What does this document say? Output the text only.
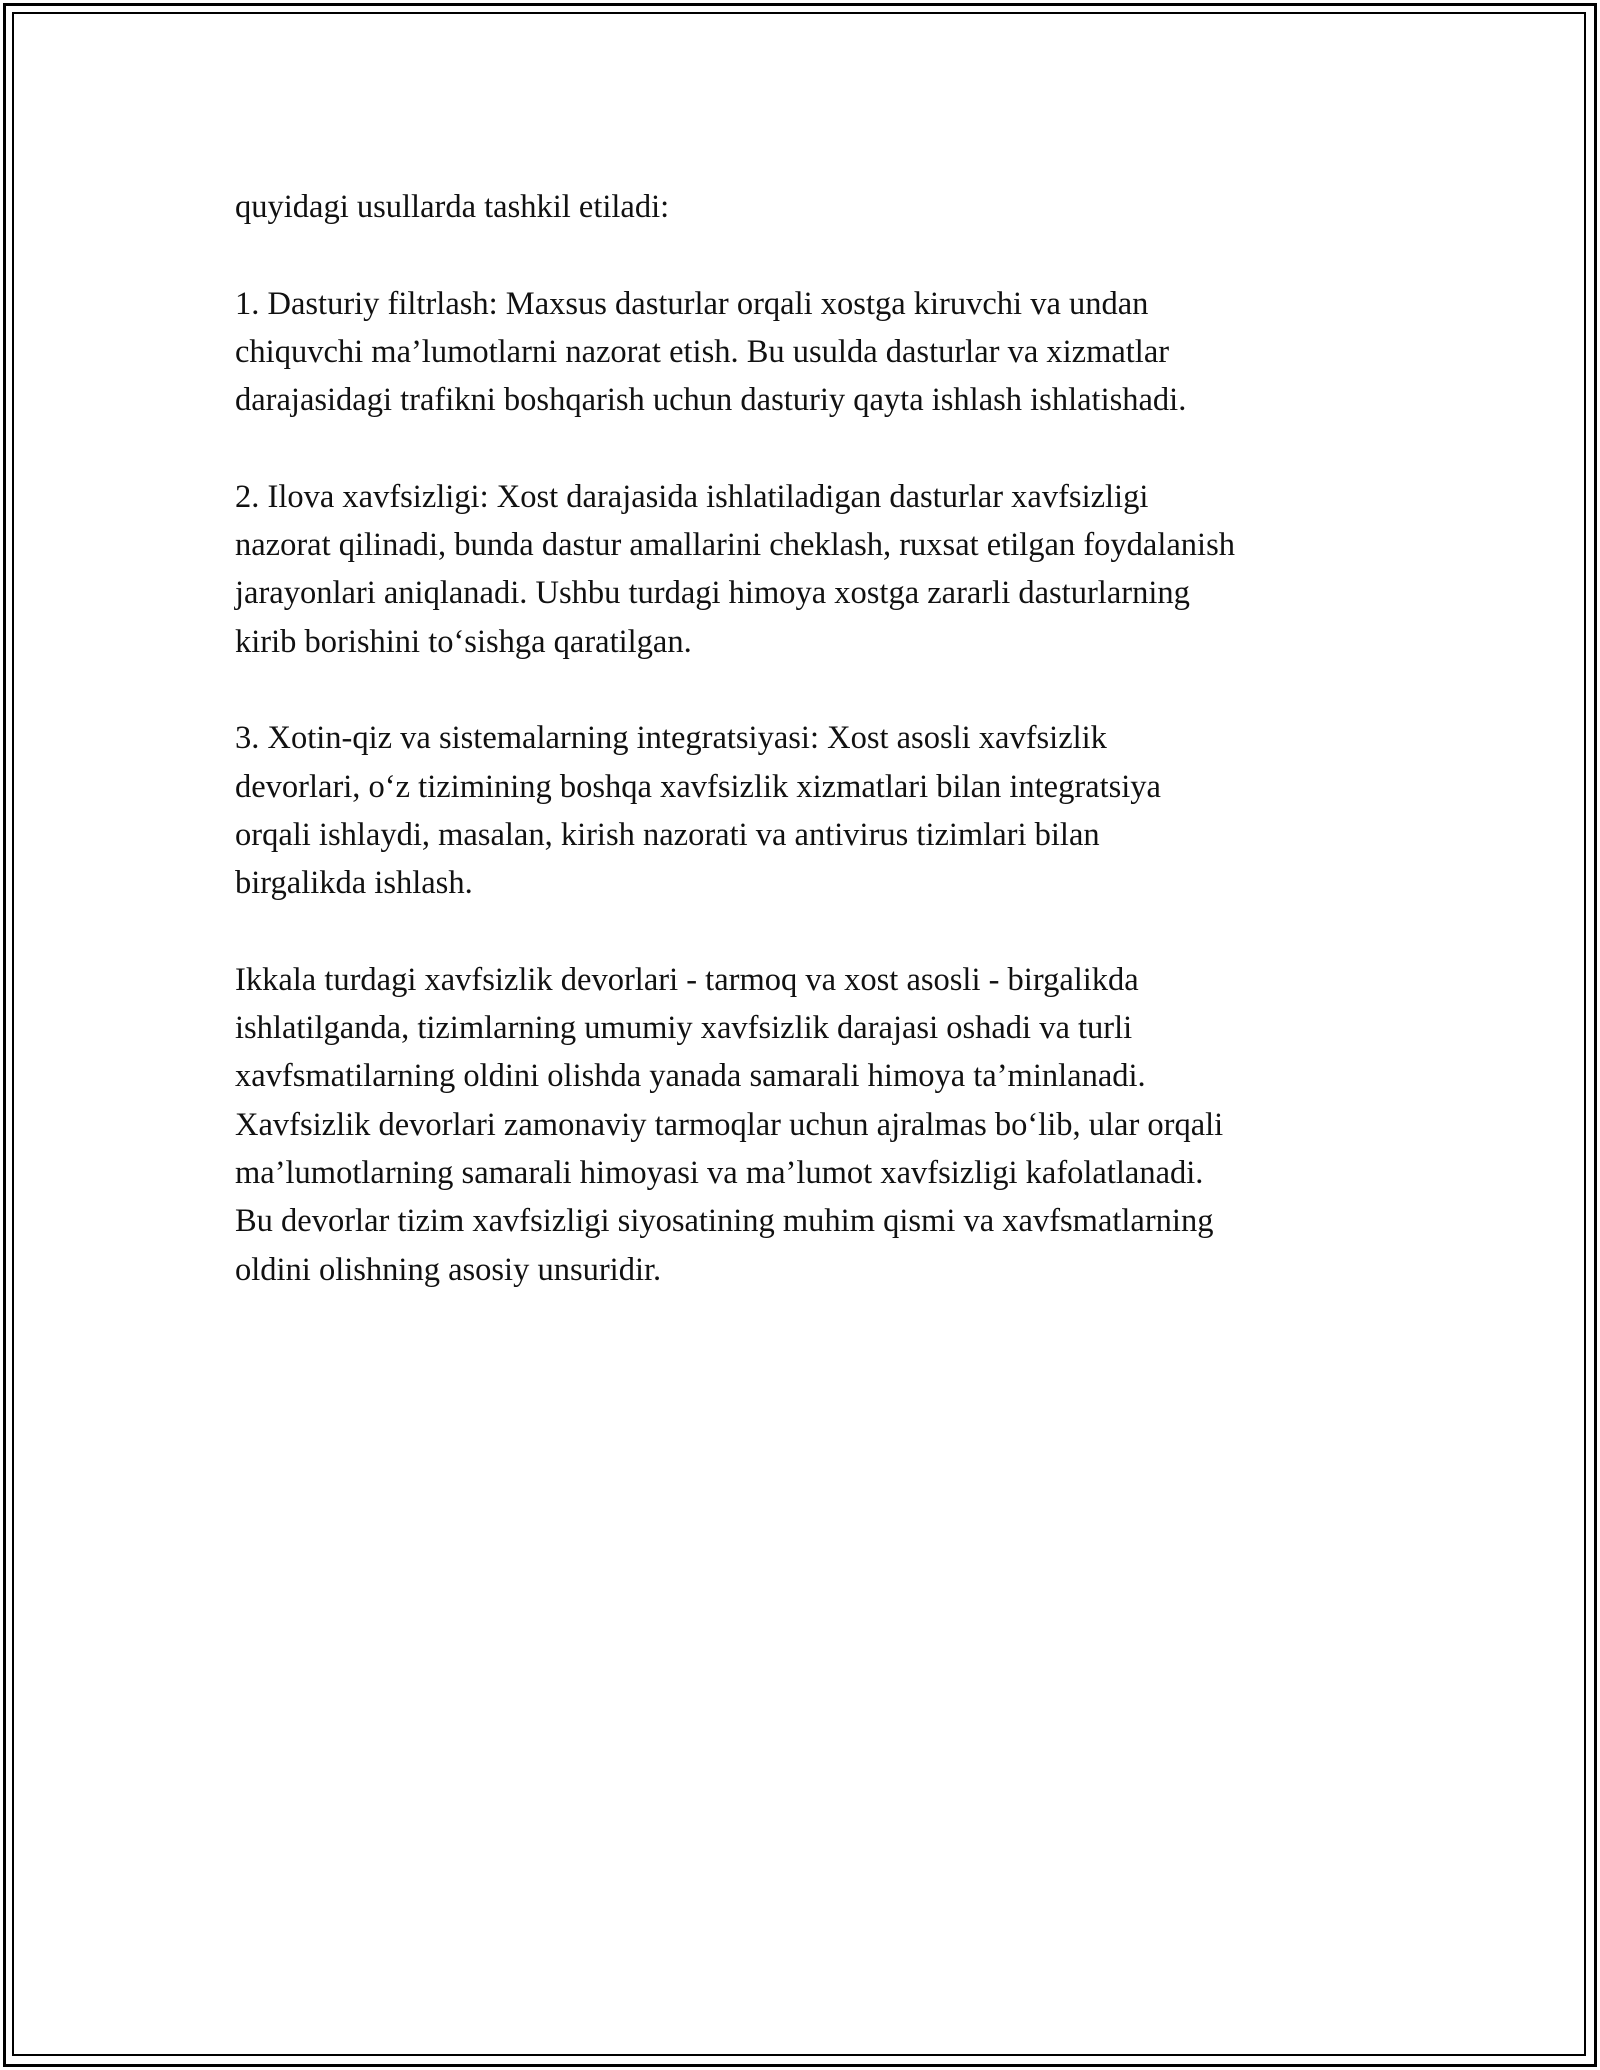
quyidagi usullarda tashkil etiladi:

1. Dasturiy filtrlash: Maxsus dasturlar orqali xostga kiruvchi va undan
chiquvchi ma’lumotlarni nazorat etish. Bu usulda dasturlar va xizmatlar
darajasidagi trafikni boshqarish uchun dasturiy qayta ishlash ishlatishadi.

2. Ilova xavfsizligi: Xost darajasida ishlatiladigan dasturlar xavfsizligi
nazorat qilinadi, bunda dastur amallarini cheklash, ruxsat etilgan foydalanish
jarayonlari aniqlanadi. Ushbu turdagi himoya xostga zararli dasturlarning
kirib borishini to‘sishga qaratilgan.

3. Xotin-qiz va sistemalarning integratsiyasi: Xost asosli xavfsizlik
devorlari, o‘z tizimining boshqa xavfsizlik xizmatlari bilan integratsiya
orqali ishlaydi, masalan, kirish nazorati va antivirus tizimlari bilan
birgalikda ishlash.

Ikkala turdagi xavfsizlik devorlari - tarmoq va xost asosli - birgalikda
ishlatilganda, tizimlarning umumiy xavfsizlik darajasi oshadi va turli
xavfsmatilarning oldini olishda yanada samarali himoya ta’minlanadi.
Xavfsizlik devorlari zamonaviy tarmoqlar uchun ajralmas bo‘lib, ular orqali
ma’lumotlarning samarali himoyasi va ma’lumot xavfsizligi kafolatlanadi.
Bu devorlar tizim xavfsizligi siyosatining muhim qismi va xavfsmatlarning
oldini olishning asosiy unsuridir.
